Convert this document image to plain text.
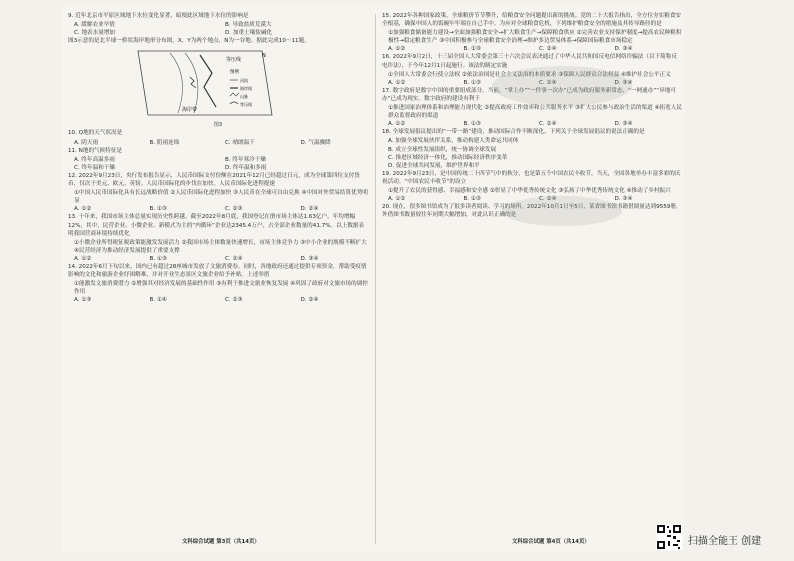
9. 近年北京市平原区域地下水位变化显著，暗埂此区域地下水位的影响是
A. 缓解农业旱情	B. 导致盐质荒漠大
C. 地表水量增加	D. 加重土壤盐碱化
图3示意的是北半球一桥状海岸地形分布图，X、Y为两个地点，N为一谷地。据此完成10～11题。
等压线
N
海岸带
图例
河流
海岸线
山脉
等压线
图3
10. Q地的天气状况是
A. 阴天雨	B. 阴雨连绵	C. 晴朗温干	D. 气温骤降
11. N地的气候特征是
A. 终年高温多雨	B. 终年寒冷干燥
C. 终年温和干燥	D. 终年温和多雨
12. 2022年9月23日，央行发布报告显示，人民币国际支付份额在2021年12月已经超过日元，成为全球第四位支付货币，仅次于美元、欧元、英镑。人民币国际化的步伐在加快。人民币国际化进程提速
①中国人民币国际化具有长远战略价值 ②人民币国际化进程加快 ③人民币在全球可自由兑换 ④中国对外贸易结算优势明显
A. ①②	B. ①③	C. ②③	D. ②④
13. 十年来，我国市场主体总量实现历史性跨越。截至2022年8月底，我国登记在册市场主体达1.63亿户，年均增幅12%，其中，民营企业、小微企业、新模式为主的“内循环”企业达2345.4万户，占全部企业数量的41.7%。以上数据表明我国营商环境持续优化
①小微企业所得税征税政策能激发发展活力 ②我国市场主体数量快速增长，市场主体竞争力 ③中小企业的规模不断扩大 ④民营经济为推动经济发展提供了重要支撑
A. ①②	B. ①③	C. ②④	D. ③④
14. 2022年6月下旬以来，国内已有超过28座城市发放了文旅消费券。同时，各地政府还通过提供专项资金，帮助受疫情影响的文化和旅游企业纾困解难，并对开业生态景区文旅企业给予补贴。上述举措
①能激发文旅消费潜力 ②增强其对经济发展的基础性作用 ③有利于推进文旅业恢复发展 ④巩固了政府对文旅市场的调控作用
A. ①③	B. ①④	C. ②③	D. ②④
15. 2022年各种国家政策，全球粮价节节攀升，给粮食安全问题提出新的挑战。党的二十大报告指出，全方位夯实粮食安全根基，确保中国人的饭碗牢牢端在自己手中。为应对全球粮食危机，下列维护粮食安全的措施及其传导路径的是
①加强粮食储备能力建设→全面加强粮食安全→扩大粮食生产→保障粮食供应 ②完善农业支持保护制度→提高农民种粮积极性→稳定粮食生产 ③中国积极参与全球粮食安全治理→维护多边贸易体系→保障国际粮食市场稳定
A. ①②	B. ①③	C. ②④	D. ③④
16. 2022年9月2日，十三届全国人大常委会第三十六次会议表决通过了中华人民共和国反电信网络诈骗法（以下简称反电诈法），于今年12月1日起施行。该法的制定实施
①全国人大常委会行使立法权 ②依法治国是社会主义法治的本质要求 ③保障人民群众合法权益 ④维护社会公平正义
A. ①②	B. ①③	C. ②④	D. ③④
17. 数字政府是数字中国的重要组成部分。当前，“掌上办”“一件事一次办”已成为政府服务新常态，“一网通办”“异地可办”已成为现实。数字政府的建设有利于
①推进国家治理体系和治理能力现代化 ②提高政府工作效率和公共服务水平 ③扩大公民参与政治生活的渠道 ④拓宽人民群众监督政府的渠道
A. ①②	B. ①③	C. ②④	D. ③④
18. 全球发展倡议提出的“一带一路”建设，推动国际合作不断深化。下列关于全球发展倡议的说法正确的是
A. 加强全球发展伙伴关系，推动构建人类命运共同体
B. 成立全球性发展组织，统一协调全球发展
C. 推进区域经济一体化，推动国际经济秩序变革
D. 促进全球共同发展，维护世界和平
19. 2022年9月23日，是中国传统二十四节气中的秋分，也是第五个中国农民丰收节。当天，全国各地举办丰富多彩的庆祝活动。“中国农民丰收节”的设立
①提升了农民的获得感、幸福感和安全感 ②彰显了中华优秀传统文化 ③弘扬了中华优秀传统文化 ④推动了乡村振兴
A. ①②	B. ①③	C. ②④	D. ③④
20. 现在，很多图书馆成为了很多读者阅读、学习的场所。2022年10月1日至5日，某省图书馆书籍借阅量达到9559册，外借图书数量较往年同期大幅增加，对此认识正确的是
文科综合试题 第3页（共14页）	文科综合试题 第4页（共14页）	扫描全能王 创建
